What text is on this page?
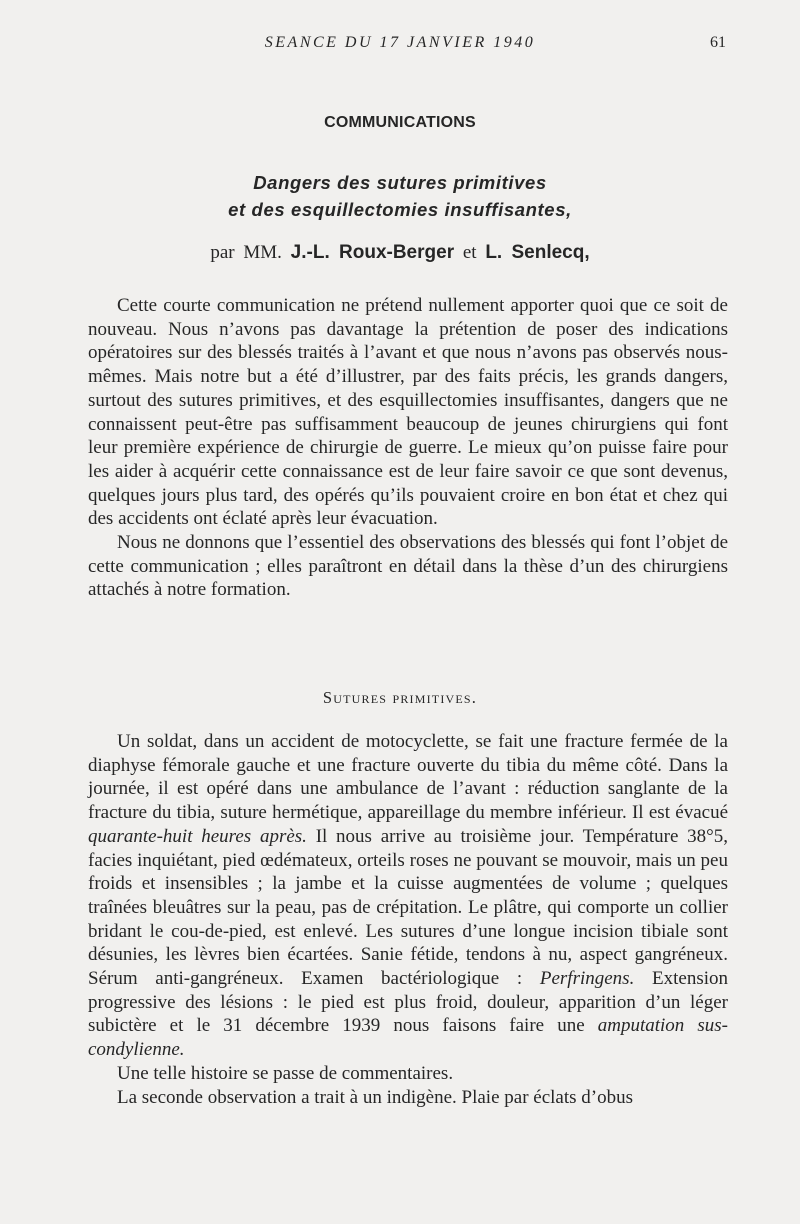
SEANCE DU 17 JANVIER 1940	61
COMMUNICATIONS
Dangers des sutures primitives
et des esquillectomies insuffisantes,
par MM. J.-L. Roux-Berger et L. Senlecq,

Cette courte communication ne prétend nullement apporter quoi que ce soit de nouveau. Nous n’avons pas davantage la prétention de poser des indications opératoires sur des blessés traités à l’avant et que nous n’avons pas observés nous-mêmes. Mais notre but a été d’illustrer, par des faits précis, les grands dangers, surtout des sutures primitives, et des esquillectomies insuffisantes, dangers que ne connaissent peut-être pas suffisamment beaucoup de jeunes chirurgiens qui font leur première expérience de chirurgie de guerre. Le mieux qu’on puisse faire pour les aider à acquérir cette connaissance est de leur faire savoir ce que sont devenus, quelques jours plus tard, des opérés qu’ils pouvaient croire en bon état et chez qui des accidents ont éclaté après leur évacuation.

Nous ne donnons que l’essentiel des observations des blessés qui font l’objet de cette communication ; elles paraîtront en détail dans la thèse d’un des chirurgiens attachés à notre formation.

Sutures primitives.

Un soldat, dans un accident de motocyclette, se fait une fracture fermée de la diaphyse fémorale gauche et une fracture ouverte du tibia du même côté. Dans la journée, il est opéré dans une ambulance de l’avant : réduction sanglante de la fracture du tibia, suture hermétique, appareillage du membre inférieur. Il est évacué quarante-huit heures après. Il nous arrive au troisième jour. Température 38°5, facies inquiétant, pied œdémateux, orteils roses ne pouvant se mouvoir, mais un peu froids et insensibles ; la jambe et la cuisse augmentées de volume ; quelques traînées bleuâtres sur la peau, pas de crépitation. Le plâtre, qui comporte un collier bridant le cou-de-pied, est enlevé. Les sutures d’une longue incision tibiale sont désunies, les lèvres bien écartées. Sanie fétide, tendons à nu, aspect gangréneux. Sérum anti-gangréneux. Examen bactériologique : Perfringens. Extension progressive des lésions : le pied est plus froid, douleur, apparition d’un léger subictère et le 31 décembre 1939 nous faisons faire une amputation sus-condylienne.

Une telle histoire se passe de commentaires.

La seconde observation a trait à un indigène. Plaie par éclats d’obus
